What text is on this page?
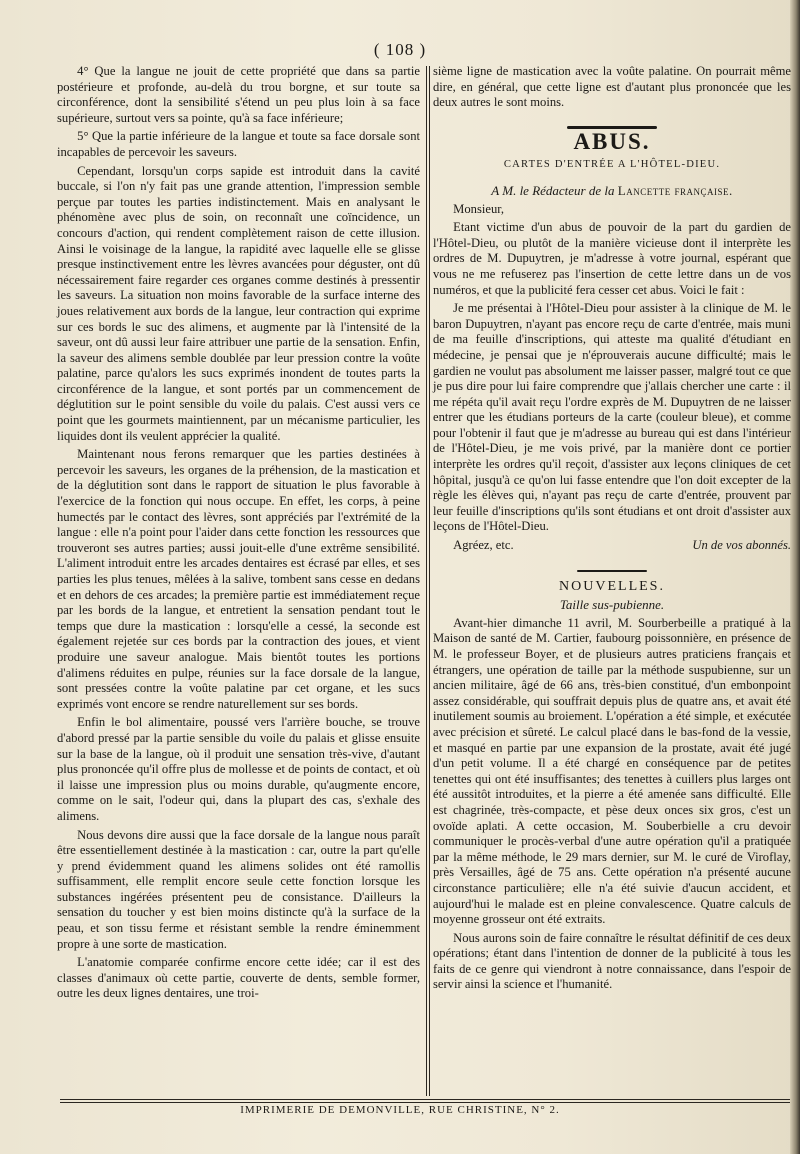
( 108 )

4° Que la langue ne jouit de cette propriété que dans sa partie postérieure et profonde, au-delà du trou borgne, et sur toute sa circonférence, dont la sensibilité s'étend un peu plus loin à sa face supérieure, surtout vers sa pointe, qu'à sa face inférieure;

5° Que la partie inférieure de la langue et toute sa face dorsale sont incapables de percevoir les saveurs.

Cependant, lorsqu'un corps sapide est introduit dans la cavité buccale, si l'on n'y fait pas une grande attention, l'impression semble perçue par toutes les parties indistinctement. Mais en analysant le phénomène avec plus de soin, on reconnaît une coïncidence, un concours d'action, qui rendent complètement raison de cette illusion. Ainsi le voisinage de la langue, la rapidité avec laquelle elle se glisse presque instinctivement entre les lèvres avancées pour déguster, ont dû nécessairement faire regarder ces organes comme destinés à pressentir les saveurs. La situation non moins favorable de la surface interne des joues relativement aux bords de la langue, leur contraction qui exprime sur ces bords le suc des alimens, et augmente par là l'intensité de la saveur, ont dû aussi leur faire attribuer une partie de la sensation. Enfin, la saveur des alimens semble doublée par leur pression contre la voûte palatine, parce qu'alors les sucs exprimés inondent de toutes parts la circonférence de la langue, et sont portés par un commencement de déglutition sur le point sensible du voile du palais. C'est aussi vers ce point que les gourmets maintiennent, par un mécanisme particulier, les liquides dont ils veulent apprécier la qualité.

Maintenant nous ferons remarquer que les parties destinées à percevoir les saveurs, les organes de la préhension, de la mastication et de la déglutition sont dans le rapport de situation le plus favorable à l'exercice de la fonction qui nous occupe. En effet, les corps, à peine humectés par le contact des lèvres, sont appréciés par l'extrémité de la langue : elle n'a point pour l'aider dans cette fonction les ressources que trouveront ses autres parties; aussi jouit-elle d'une extrême sensibilité. L'aliment introduit entre les arcades dentaires est écrasé par elles, et ses parties les plus tenues, mêlées à la salive, tombent sans cesse en dedans et en dehors de ces arcades; la première partie est immédiatement reçue par les bords de la langue, et entretient la sensation pendant tout le temps que dure la mastication : lorsqu'elle a cessé, la seconde est également rejetée sur ces bords par la contraction des joues, et vient produire une saveur analogue. Mais bientôt toutes les portions d'alimens réduites en pulpe, réunies sur la face dorsale de la langue, sont pressées contre la voûte palatine par cet organe, et les sucs exprimés vont encore se rendre naturellement sur ses bords.

Enfin le bol alimentaire, poussé vers l'arrière bouche, se trouve d'abord pressé par la partie sensible du voile du palais et glisse ensuite sur la base de la langue, où il produit une sensation très-vive, d'autant plus prononcée qu'il offre plus de mollesse et de points de contact, et où il laisse une impression plus ou moins durable, qu'augmente encore, comme on le sait, l'odeur qui, dans la plupart des cas, s'exhale des alimens.

Nous devons dire aussi que la face dorsale de la langue nous paraît être essentiellement destinée à la mastication : car, outre la part qu'elle y prend évidemment quand les alimens solides ont été ramollis suffisamment, elle remplit encore seule cette fonction lorsque les substances ingérées présentent peu de consistance. D'ailleurs la sensation du toucher y est bien moins distincte qu'à la surface de la peau, et son tissu ferme et résistant semble la rendre éminemment propre à une sorte de mastication.

L'anatomie comparée confirme encore cette idée; car il est des classes d'animaux où cette partie, couverte de dents, semble former, outre les deux lignes dentaires, une troi-

sième ligne de mastication avec la voûte palatine. On pourrait même dire, en général, que cette ligne est d'autant plus prononcée que les deux autres le sont moins.

ABUS.
CARTES D'ENTRÉE A L'HÔTEL-DIEU.
A M. le Rédacteur de la Lancette française.

Monsieur,

Etant victime d'un abus de pouvoir de la part du gardien de l'Hôtel-Dieu, ou plutôt de la manière vicieuse dont il interprète les ordres de M. Dupuytren, je m'adresse à votre journal, espérant que vous ne me refuserez pas l'insertion de cette lettre dans un de vos numéros, et que la publicité fera cesser cet abus. Voici le fait :

Je me présentai à l'Hôtel-Dieu pour assister à la clinique de M. le baron Dupuytren, n'ayant pas encore reçu de carte d'entrée, mais muni de ma feuille d'inscriptions, qui atteste ma qualité d'étudiant en médecine, je pensai que je n'éprouverais aucune difficulté; mais le gardien ne voulut pas absolument me laisser passer, malgré tout ce que je pus dire pour lui faire comprendre que j'allais chercher une carte : il me répéta qu'il avait reçu l'ordre exprès de M. Dupuytren de ne laisser entrer que les étudians porteurs de la carte (couleur bleue), et comme pour l'obtenir il faut que je m'adresse au bureau qui est dans l'intérieur de l'Hôtel-Dieu, je me vois privé, par la manière dont ce portier interprète les ordres qu'il reçoit, d'assister aux leçons cliniques de cet hôpital, jusqu'à ce qu'on lui fasse entendre que l'on doit excepter de la règle les élèves qui, n'ayant pas reçu de carte d'entrée, prouvent par leur feuille d'inscriptions qu'ils sont étudians et ont droit d'assister aux leçons de l'Hôtel-Dieu.

Agréez, etc.	Un de vos abonnés.
NOUVELLES.
Taille sus-pubienne.

Avant-hier dimanche 11 avril, M. Sourberbeille a pratiqué à la Maison de santé de M. Cartier, faubourg poissonnière, en présence de M. le professeur Boyer, et de plusieurs autres praticiens français et étrangers, une opération de taille par la méthode suspubienne, sur un ancien militaire, âgé de 66 ans, très-bien constitué, d'un embonpoint assez considérable, qui souffrait depuis plus de quatre ans, et avait été inutilement soumis au broiement. L'opération a été simple, et exécutée avec précision et sûreté. Le calcul placé dans le bas-fond de la vessie, et masqué en partie par une expansion de la prostate, avait été jugé d'un petit volume. Il a été chargé en conséquence par de petites tenettes qui ont été insuffisantes; des tenettes à cuillers plus larges ont été aussitôt introduites, et la pierre a été amenée sans difficulté. Elle est chagrinée, très-compacte, et pèse deux onces six gros, c'est un ovoïde aplati. A cette occasion, M. Souberbielle a cru devoir communiquer le procès-verbal d'une autre opération qu'il a pratiquée par la même méthode, le 29 mars dernier, sur M. le curé de Viroflay, près Versailles, âgé de 75 ans. Cette opération n'a présenté aucune circonstance particulière; elle n'a été suivie d'aucun accident, et aujourd'hui le malade est en pleine convalescence. Quatre calculs de moyenne grosseur ont été extraits.

Nous aurons soin de faire connaître le résultat définitif de ces deux opérations; étant dans l'intention de donner de la publicité à tous les faits de ce genre qui viendront à notre connaissance, dans l'espoir de servir ainsi la science et l'humanité.

IMPRIMERIE DE DEMONVILLE, RUE CHRISTINE, N° 2.
